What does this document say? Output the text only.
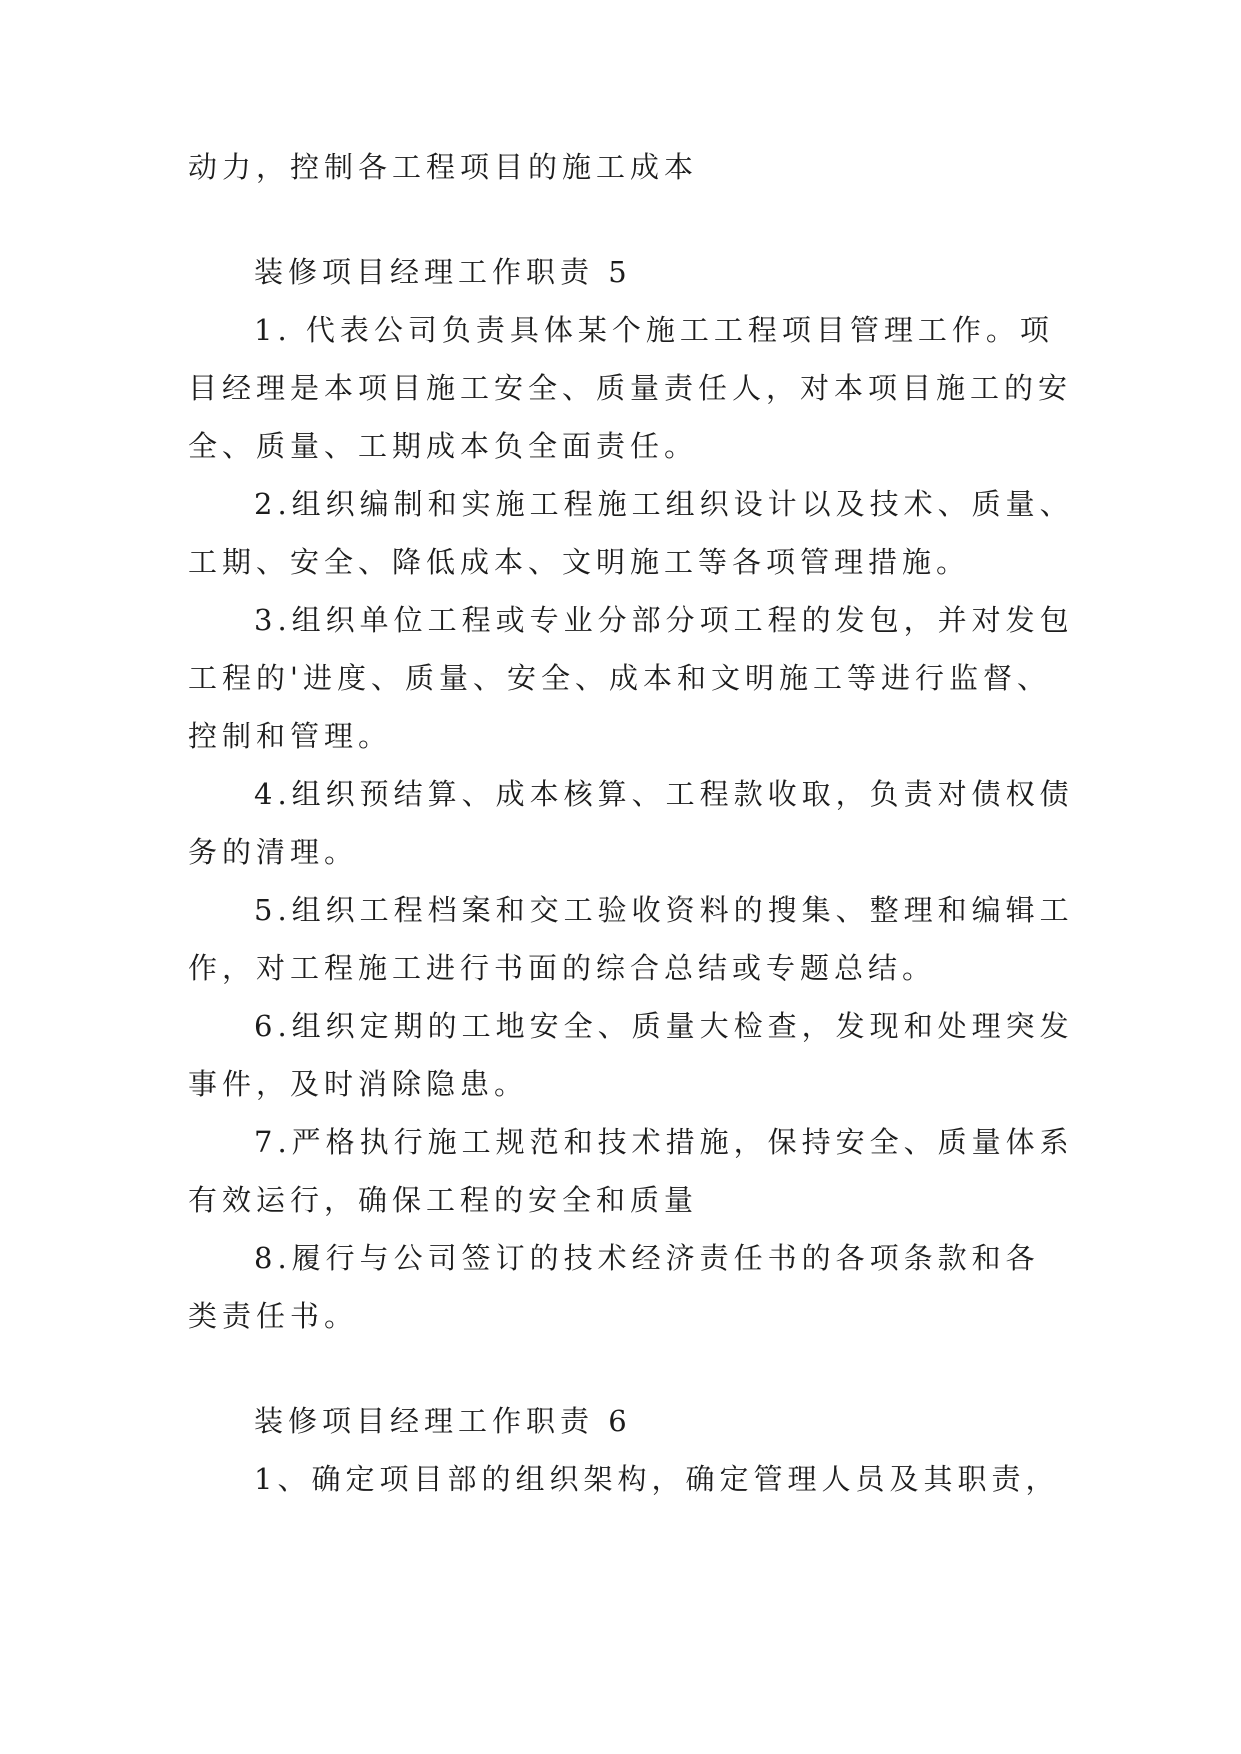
动力，控制各工程项目的施工成本
装修项目经理工作职责 5
1. 代表公司负责具体某个施工工程项目管理工作。项
目经理是本项目施工安全、质量责任人，对本项目施工的安
全、质量、工期成本负全面责任。
2.组织编制和实施工程施工组织设计以及技术、质量、
工期、安全、降低成本、文明施工等各项管理措施。
3.组织单位工程或专业分部分项工程的发包，并对发包
工程的'进度、质量、安全、成本和文明施工等进行监督、
控制和管理。
4.组织预结算、成本核算、工程款收取，负责对债权债
务的清理。
5.组织工程档案和交工验收资料的搜集、整理和编辑工
作，对工程施工进行书面的综合总结或专题总结。
6.组织定期的工地安全、质量大检查，发现和处理突发
事件，及时消除隐患。
7.严格执行施工规范和技术措施，保持安全、质量体系
有效运行，确保工程的安全和质量
8.履行与公司签订的技术经济责任书的各项条款和各
类责任书。
装修项目经理工作职责 6
1、确定项目部的组织架构，确定管理人员及其职责，
